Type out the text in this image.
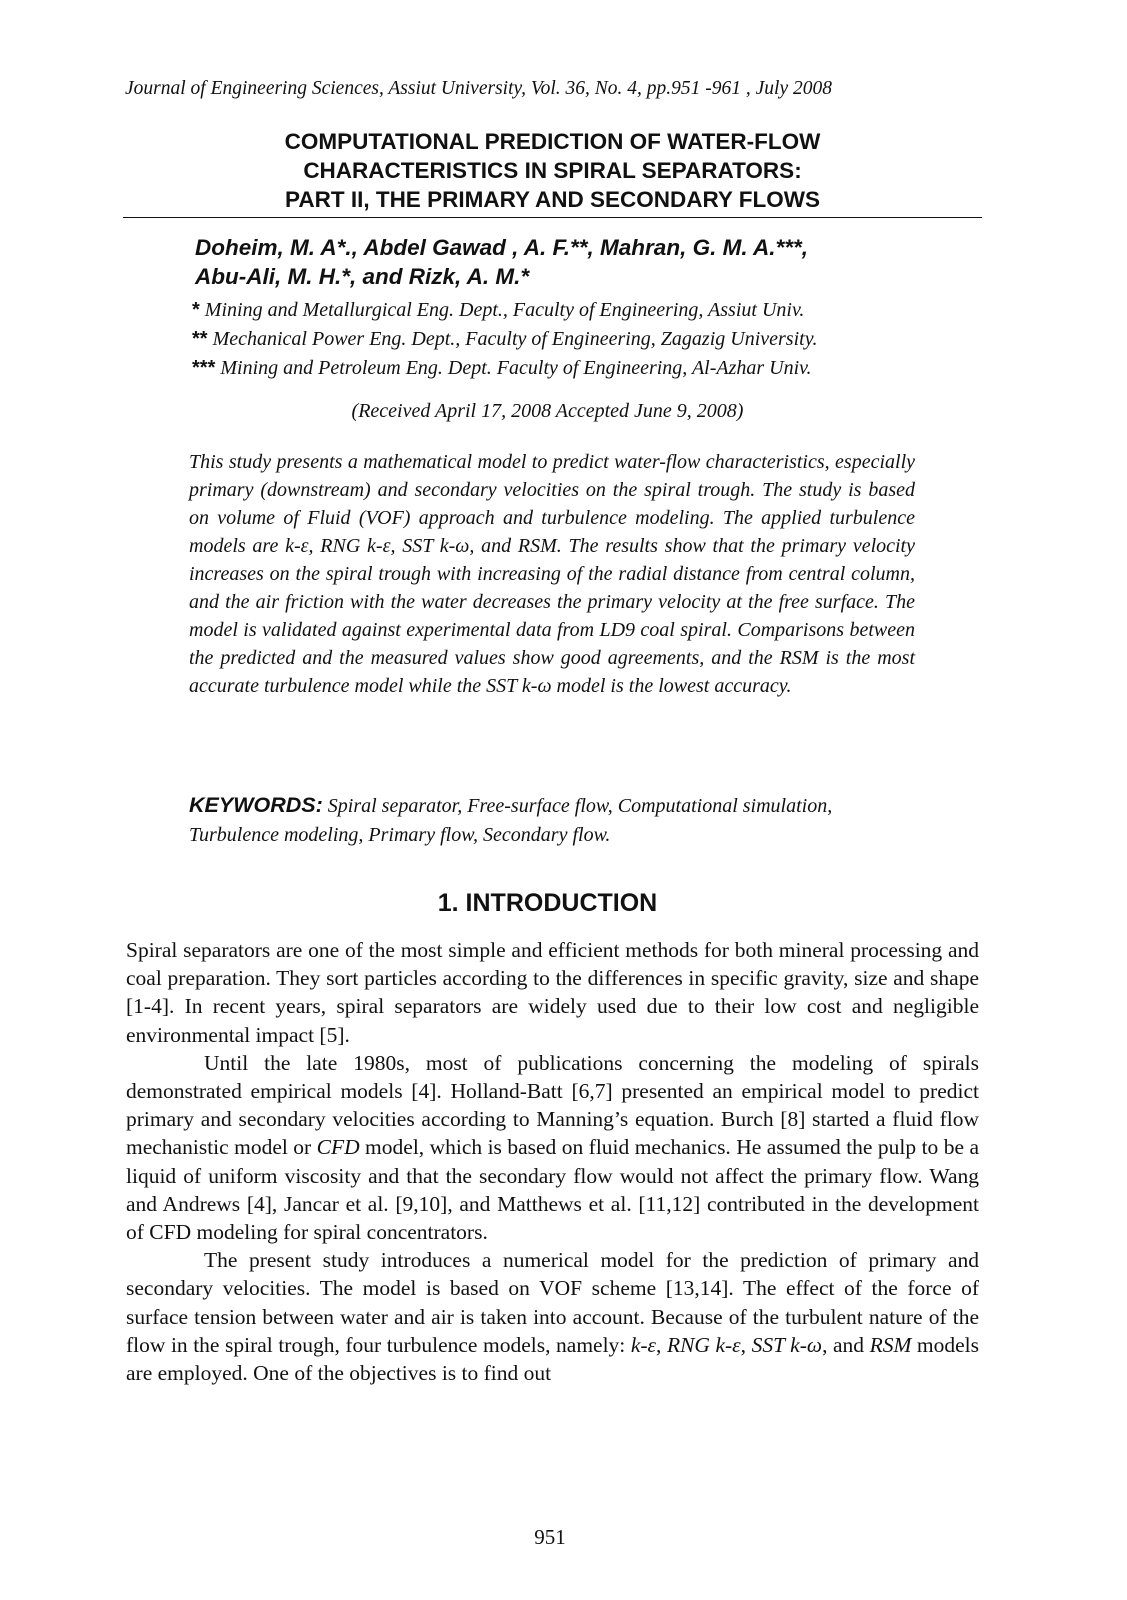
Journal of Engineering Sciences, Assiut University, Vol. 36, No. 4, pp.951 -961 , July 2008
COMPUTATIONAL PREDICTION OF WATER-FLOW
CHARACTERISTICS IN SPIRAL SEPARATORS:
PART II, THE PRIMARY AND SECONDARY FLOWS
Doheim, M. A*., Abdel Gawad , A. F.**, Mahran, G. M. A.***,
Abu-Ali, M. H.*, and Rizk, A. M.*
* Mining and Metallurgical Eng. Dept., Faculty of Engineering, Assiut Univ.
** Mechanical Power Eng. Dept., Faculty of Engineering, Zagazig University.
*** Mining and Petroleum Eng. Dept. Faculty of Engineering, Al-Azhar Univ.
(Received April 17, 2008 Accepted June 9, 2008)

This study presents a mathematical model to predict water-flow characteristics, especially primary (downstream) and secondary velocities on the spiral trough. The study is based on volume of Fluid (VOF) approach and turbulence modeling. The applied turbulence models are k-ε, RNG k-ε, SST k-ω, and RSM. The results show that the primary velocity increases on the spiral trough with increasing of the radial distance from central column, and the air friction with the water decreases the primary velocity at the free surface. The model is validated against experimental data from LD9 coal spiral. Comparisons between the predicted and the measured values show good agreements, and the RSM is the most accurate turbulence model while the SST k-ω model is the lowest accuracy.

KEYWORDS: Spiral separator, Free-surface flow, Computational simulation, Turbulence modeling, Primary flow, Secondary flow.
1. INTRODUCTION

Spiral separators are one of the most simple and efficient methods for both mineral processing and coal preparation. They sort particles according to the differences in specific gravity, size and shape [1-4]. In recent years, spiral separators are widely used due to their low cost and negligible environmental impact [5].

Until the late 1980s, most of publications concerning the modeling of spirals demonstrated empirical models [4]. Holland-Batt [6,7] presented an empirical model to predict primary and secondary velocities according to Manning’s equation. Burch [8] started a fluid flow mechanistic model or CFD model, which is based on fluid mechanics. He assumed the pulp to be a liquid of uniform viscosity and that the secondary flow would not affect the primary flow. Wang and Andrews [4], Jancar et al. [9,10], and Matthews et al. [11,12] contributed in the development of CFD modeling for spiral concentrators.

The present study introduces a numerical model for the prediction of primary and secondary velocities. The model is based on VOF scheme [13,14]. The effect of the force of surface tension between water and air is taken into account. Because of the turbulent nature of the flow in the spiral trough, four turbulence models, namely: k-ε, RNG k-ε, SST k-ω, and RSM models are employed. One of the objectives is to find out

951
